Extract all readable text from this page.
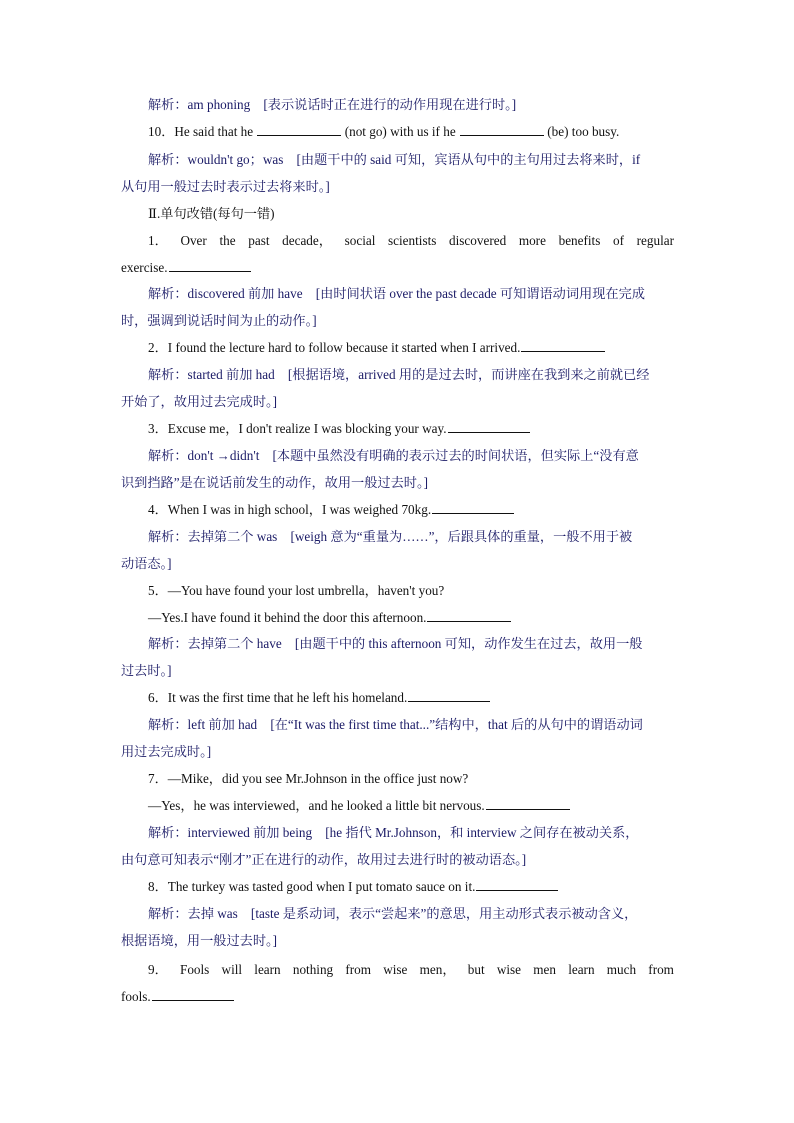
解析：am phoning　[表示说话时正在进行的动作用现在进行时。]
10．He said that he	(not go) with us if he	(be) too busy.
解析：wouldn't go；was　[由题干中的 said 可知，宾语从句中的主句用过去将来时，if
从句用一般过去时表示过去将来时。]
Ⅱ.单句改错(每句一错)
1． Over the past decade， social scientists discovered more benefits of regular
exercise.
解析：discovered 前加 have　[由时间状语 over the past decade 可知谓语动词用现在完成
时，强调到说话时间为止的动作。]
2．I found the lecture hard to follow because it started when I arrived.
解析：started 前加 had　[根据语境，arrived 用的是过去时，而讲座在我到来之前就已经
开始了，故用过去完成时。]
3．Excuse me，I don't realize I was blocking your way.
解析：don't →didn't　[本题中虽然没有明确的表示过去的时间状语，但实际上“没有意
识到挡路”是在说话前发生的动作，故用一般过去时。]
4．When I was in high school，I was weighed 70kg.
解析：去掉第二个 was　[weigh 意为“重量为……”，后跟具体的重量，一般不用于被
动语态。]
5．—You have found your lost umbrella，haven't you?
—Yes.I have found it behind the door this afternoon.
解析：去掉第二个 have　[由题干中的 this afternoon 可知，动作发生在过去，故用一般
过去时。]
6．It was the first time that he left his homeland.
解析：left 前加 had　[在“It was the first time that...”结构中，that 后的从句中的谓语动词
用过去完成时。]
7．—Mike，did you see Mr.Johnson in the office just now?
—Yes，he was interviewed，and he looked a little bit nervous.
解析：interviewed 前加 being　[he 指代 Mr.Johnson，和 interview 之间存在被动关系，
由句意可知表示“刚才”正在进行的动作，故用过去进行时的被动语态。]
8．The turkey was tasted good when I put tomato sauce on it.
解析：去掉 was　[taste 是系动词，表示“尝起来”的意思，用主动形式表示被动含义，
根据语境，用一般过去时。]
9． Fools will learn nothing from wise men， but wise men learn much from
fools.
